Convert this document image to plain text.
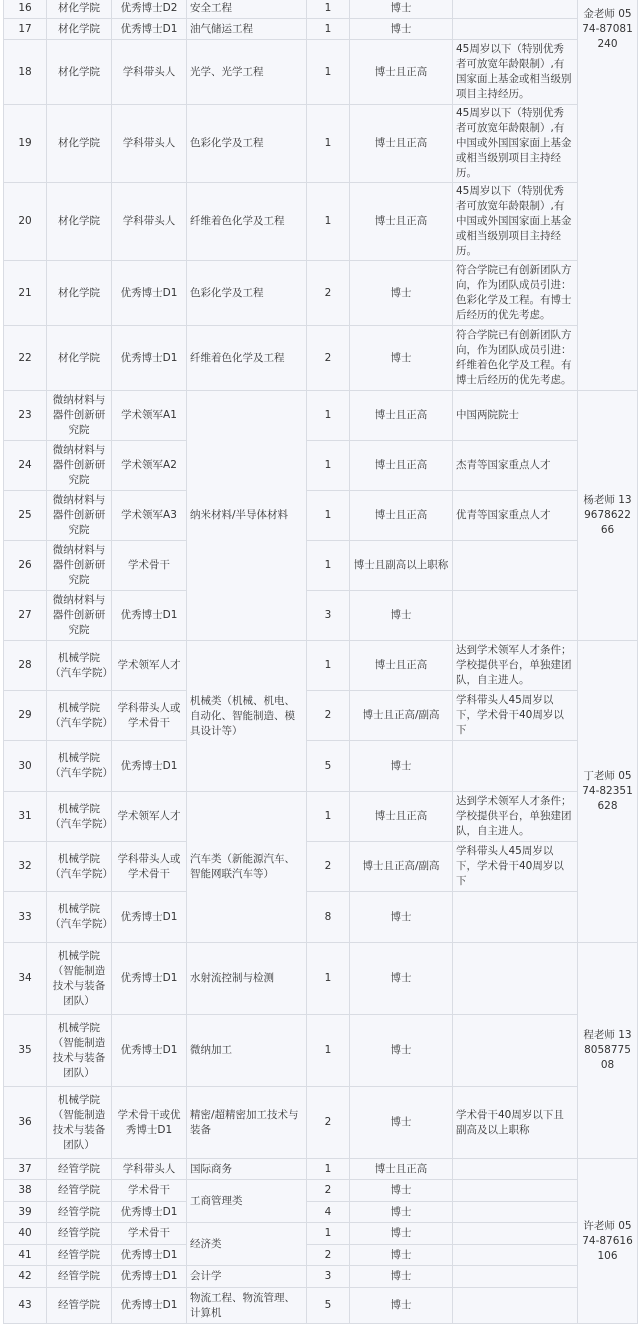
16	材化学院	优秀博士D2	安全工程	1	博士		金老师 0574-87081240
17	材化学院	优秀博士D1	油气储运工程	1	博士		
18	材化学院	学科带头人	光学、光学工程	1	博士且正高	45周岁以下（特别优秀者可放宽年龄限制）,有国家面上基金或相当级别项目主持经历。	
19	材化学院	学科带头人	色彩化学及工程	1	博士且正高	45周岁以下（特别优秀者可放宽年龄限制）,有中国或外国国家面上基金或相当级别项目主持经历。	
20	材化学院	学科带头人	纤维着色化学及工程	1	博士且正高	45周岁以下（特别优秀者可放宽年龄限制）,有中国或外国国家面上基金或相当级别项目主持经历。	
21	材化学院	优秀博士D1	色彩化学及工程	2	博士	符合学院已有创新团队方向，作为团队成员引进：色彩化学及工程。有博士后经历的优先考虑。	
22	材化学院	优秀博士D1	纤维着色化学及工程	2	博士	符合学院已有创新团队方向，作为团队成员引进：纤维着色化学及工程。有博士后经历的优先考虑。	
23	微纳材料与器件创新研究院	学术领军A1	纳米材料/半导体材料	1	博士且正高	中国两院院士	杨老师 13967862266
24	微纳材料与器件创新研究院	学术领军A2		1	博士且正高	杰青等国家重点人才	
25	微纳材料与器件创新研究院	学术领军A3		1	博士且正高	优青等国家重点人才	
26	微纳材料与器件创新研究院	学术骨干		1	博士且副高以上职称		
27	微纳材料与器件创新研究院	优秀博士D1		3	博士		
28	机械学院（汽车学院）	学术领军人才	机械类（机械、机电、自动化、智能制造、模具设计等）	1	博士且正高	达到学术领军人才条件；学校提供平台，单独建团队，自主进人。	丁老师 0574-82351628
29	机械学院（汽车学院）	学科带头人或学术骨干		2	博士且正高/副高	学科带头人45周岁以下，学术骨干40周岁以下	
30	机械学院（汽车学院）	优秀博士D1		5	博士		
31	机械学院（汽车学院）	学术领军人才	汽车类（新能源汽车、智能网联汽车等）	1	博士且正高	达到学术领军人才条件；学校提供平台，单独建团队，自主进人。	
32	机械学院（汽车学院）	学科带头人或学术骨干		2	博士且正高/副高	学科带头人45周岁以下，学术骨干40周岁以下	
33	机械学院（汽车学院）	优秀博士D1		8	博士		
34	机械学院（智能制造技术与装备团队）	优秀博士D1	水射流控制与检测	1	博士		程老师 13805877508
35	机械学院（智能制造技术与装备团队）	优秀博士D1	微纳加工	1	博士		
36	机械学院（智能制造技术与装备团队）	学术骨干或优秀博士D1	精密/超精密加工技术与装备	2	博士	学术骨干40周岁以下且副高及以上职称	
37	经管学院	学科带头人	国际商务	1	博士且正高		许老师 0574-87616106
38	经管学院	学术骨干	工商管理类	2	博士		
39	经管学院	优秀博士D1		4	博士		
40	经管学院	学术骨干	经济类	1	博士		
41	经管学院	优秀博士D1		2	博士		
42	经管学院	优秀博士D1	会计学	3	博士		
43	经管学院	优秀博士D1	物流工程、物流管理、计算机	5	博士		
